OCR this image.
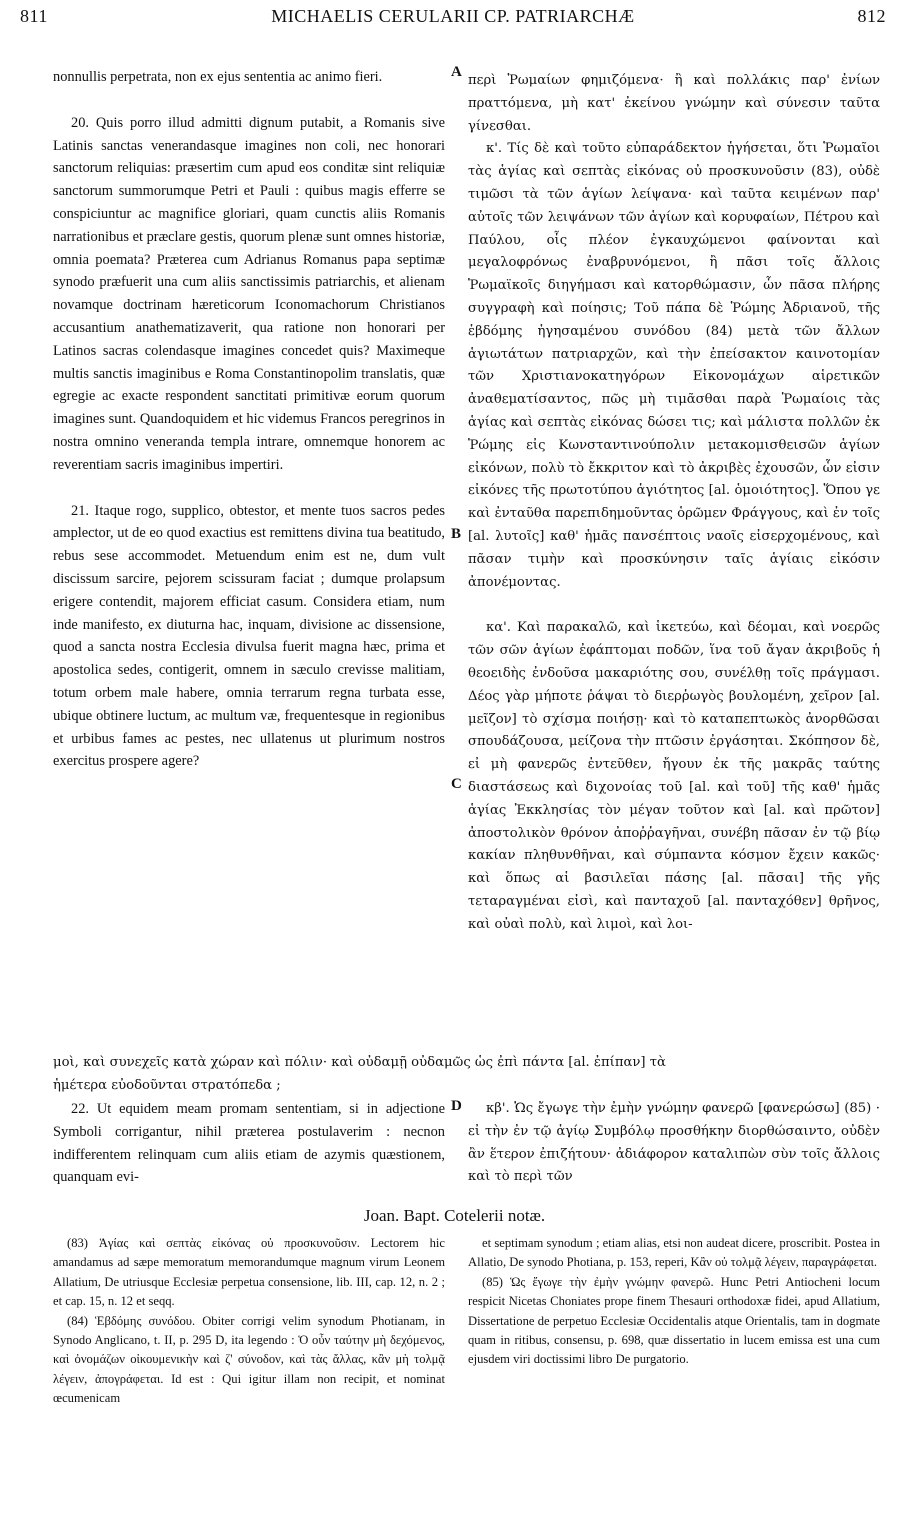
811	MICHAELIS CERULARII CP. PATRIARCHÆ	812
A
B
C
D

nonnullis perpetrata, non ex ejus sententia ac animo fieri.

20. Quis porro illud admitti dignum putabit, a Romanis sive Latinis sanctas venerandasque imagines non coli, nec honorari sanctorum reliquias: præsertim cum apud eos conditæ sint reliquiæ sanctorum summorumque Petri et Pauli : quibus magis efferre se conspiciuntur ac magnifice gloriari, quam cunctis aliis Romanis narrationibus et præclare gestis, quorum plenæ sunt omnes historiæ, omnia poemata? Præterea cum Adrianus Romanus papa septimæ synodo præfuerit una cum aliis sanctissimis patriarchis, et alienam novamque doctrinam hæreticorum Iconomachorum Christianos accusantium anathematizaverit, qua ratione non honorari per Latinos sacras colendasque imagines concedet quis? Maximeque multis sanctis imaginibus e Roma Constantinopolim translatis, quæ egregie ac exacte respondent sanctitati primitivæ eorum quorum imagines sunt. Quandoquidem et hic videmus Francos peregrinos in nostra omnino veneranda templa intrare, omnemque honorem ac reverentiam sacris imaginibus impertiri.

21. Itaque rogo, supplico, obtestor, et mente tuos sacros pedes amplector, ut de eo quod exactius est remittens divina tua beatitudo, rebus sese accommodet. Metuendum enim est ne, dum vult discissum sarcire, pejorem scissuram faciat ; dumque prolapsum erigere contendit, majorem efficiat casum. Considera etiam, num inde manifesto, ex diuturna hac, inquam, divisione ac dissensione, quod a sancta nostra Ecclesia divulsa fuerit magna hæc, prima et apostolica sedes, contigerit, omnem in sæculo crevisse malitiam, totum orbem male habere, omnia terrarum regna turbata esse, ubique obtinere luctum, ac multum væ, frequentesque in regionibus et urbibus fames ac pestes, nec ullatenus ut plurimum nostros exercitus prospere agere?

περὶ Ῥωμαίων φημιζόμενα· ἢ καὶ πολλάκις παρ' ἐνίων πραττόμενα, μὴ κατ' ἐκείνου γνώμην καὶ σύνεσιν ταῦτα γίνεσθαι.

κ'. Τίς δὲ καὶ τοῦτο εὐπαράδεκτον ἡγήσεται, ὅτι Ῥωμαῖοι τὰς ἁγίας καὶ σεπτὰς εἰκόνας οὐ προσκυνοῦσιν (83), οὐδὲ τιμῶσι τὰ τῶν ἁγίων λείψανα· καὶ ταῦτα κειμένων παρ' αὐτοῖς τῶν λειψάνων τῶν ἁγίων καὶ κορυφαίων, Πέτρου καὶ Παύλου, οἷς πλέον ἐγκαυχώμενοι φαίνονται καὶ μεγαλοφρόνως ἐναβρυνόμενοι, ἢ πᾶσι τοῖς ἄλλοις Ῥωμαϊκοῖς διηγήμασι καὶ κατορθώμασιν, ὧν πᾶσα πλήρης συγγραφὴ καὶ ποίησις; Τοῦ πάπα δὲ Ῥώμης Ἀδριανοῦ, τῆς ἑβδόμης ἡγησαμένου συνόδου (84) μετὰ τῶν ἄλλων ἁγιωτάτων πατριαρχῶν, καὶ τὴν ἐπείσακτον καινοτομίαν τῶν Χριστιανοκατηγόρων Εἰκονομάχων αἱρετικῶν ἀναθεματίσαντος, πῶς μὴ τιμᾶσθαι παρὰ Ῥωμαίοις τὰς ἁγίας καὶ σεπτὰς εἰκόνας δώσει τις; καὶ μάλιστα πολλῶν ἐκ Ῥώμης εἰς Κωνσταντινούπολιν μετακομισθεισῶν ἁγίων εἰκόνων, πολὺ τὸ ἔκκριτον καὶ τὸ ἀκριβὲς ἐχουσῶν, ὧν εἰσιν εἰκόνες τῆς πρωτοτύπου ἁγιότητος [al. ὁμοιότητος]. Ὅπου γε καὶ ἐνταῦθα παρεπιδημοῦντας ὁρῶμεν Φράγγους, καὶ ἐν τοῖς [al. λυτοῖς] καθ' ἡμᾶς πανσέπτοις ναοῖς εἰσερχομένους, καὶ πᾶσαν τιμὴν καὶ προσκύνησιν ταῖς ἁγίαις εἰκόσιν ἀπονέμοντας.

κα'. Καὶ παρακαλῶ, καὶ ἱκετεύω, καὶ δέομαι, καὶ νοερῶς τῶν σῶν ἁγίων ἐφάπτομαι ποδῶν, ἵνα τοῦ ἄγαν ἀκριβοῦς ἡ θεοειδὴς ἐνδοῦσα μακαριότης σου, συνέλθῃ τοῖς πράγμασι. Δέος γὰρ μήποτε ῥάψαι τὸ διερῥωγὸς βουλομένη, χεῖρον [al. μεῖζον] τὸ σχίσμα ποιήσῃ· καὶ τὸ καταπεπτωκὸς ἀνορθῶσαι σπουδάζουσα, μείζονα τὴν πτῶσιν ἐργάσηται. Σκόπησον δὲ, εἰ μὴ φανερῶς ἐντεῦθεν, ἤγουν ἐκ τῆς μακρᾶς ταύτης διαστάσεως καὶ διχονοίας τοῦ [al. καὶ τοῦ] τῆς καθ' ἡμᾶς ἁγίας Ἐκκλησίας τὸν μέγαν τοῦτον καὶ [al. καὶ πρῶτον] ἀποστολικὸν θρόνον ἀποῤῥαγῆναι, συνέβη πᾶσαν ἐν τῷ βίῳ κακίαν πληθυνθῆναι, καὶ σύμπαντα κόσμον ἔχειν κακῶς· καὶ ὅπως αἱ βασιλεῖαι πάσης [al. πᾶσαι] τῆς γῆς τεταραγμέναι εἰσὶ, καὶ πανταχοῦ [al. πανταχόθεν] θρῆνος, καὶ οὐαὶ πολὺ, καὶ λιμοὶ, καὶ λοι-

μοὶ, καὶ συνεχεῖς κατὰ χώραν καὶ πόλιν· καὶ οὐδαμῇ οὐδαμῶς ὡς ἐπὶ πάντα [al. ἐπίπαν] τὰ
ἡμέτερα εὐοδοῦνται στρατόπεδα ;

22. Ut equidem meam promam sententiam, si in adjectione Symboli corrigantur, nihil præterea postulaverim : necnon indifferentem relinquam cum aliis etiam de azymis quæstionem, quanquam evi-

κβ'. Ὡς ἔγωγε τὴν ἐμὴν γνώμην φανερῶ [φανερώσω] (85) · εἰ τὴν ἐν τῷ ἁγίῳ Συμβόλῳ προσθήκην διορθώσαιντο, οὐδὲν ἂν ἕτερον ἐπιζήτουν· ἀδιάφορον καταλιπὼν σὺν τοῖς ἄλλοις καὶ τὸ περὶ τῶν

Joan. Bapt. Cotelerii notæ.

(83) Ἁγίας καὶ σεπτὰς εἰκόνας οὐ προσκυνοῦσιν. Lectorem hic amandamus ad sæpe memoratum memorandumque magnum virum Leonem Allatium, De utriusque Ecclesiæ perpetua consensione, lib. III, cap. 12, n. 2 ; et cap. 15, n. 12 et seqq.

(84) Ἑβδόμης συνόδου. Obiter corrigi velim synodum Photianam, in Synodo Anglicano, t. II, p. 295 D, ita legendo : Ὁ οὖν ταύτην μὴ δεχόμενος, καὶ ὀνομάζων οἰκουμενικὴν καὶ ζ' σύνοδον, καὶ τὰς ἄλλας, κἂν μὴ τολμᾷ λέγειν, ἀπογράφεται. Id est : Qui igitur illam non recipit, et nominat œcumenicam

et septimam synodum ; etiam alias, etsi non audeat dicere, proscribit. Postea in Allatio, De synodo Photiana, p. 153, reperi, Κἂν οὐ τολμᾷ λέγειν, παραγράφεται.

(85) Ὡς ἔγωγε τὴν ἐμὴν γνώμην φανερῶ. Hunc Petri Antiocheni locum respicit Nicetas Choniates prope finem Thesauri orthodoxæ fidei, apud Allatium, Dissertatione de perpetuo Ecclesiæ Occidentalis atque Orientalis, tam in dogmate quam in ritibus, consensu, p. 698, quæ dissertatio in lucem emissa est una cum ejusdem viri doctissimi libro De purgatorio.
